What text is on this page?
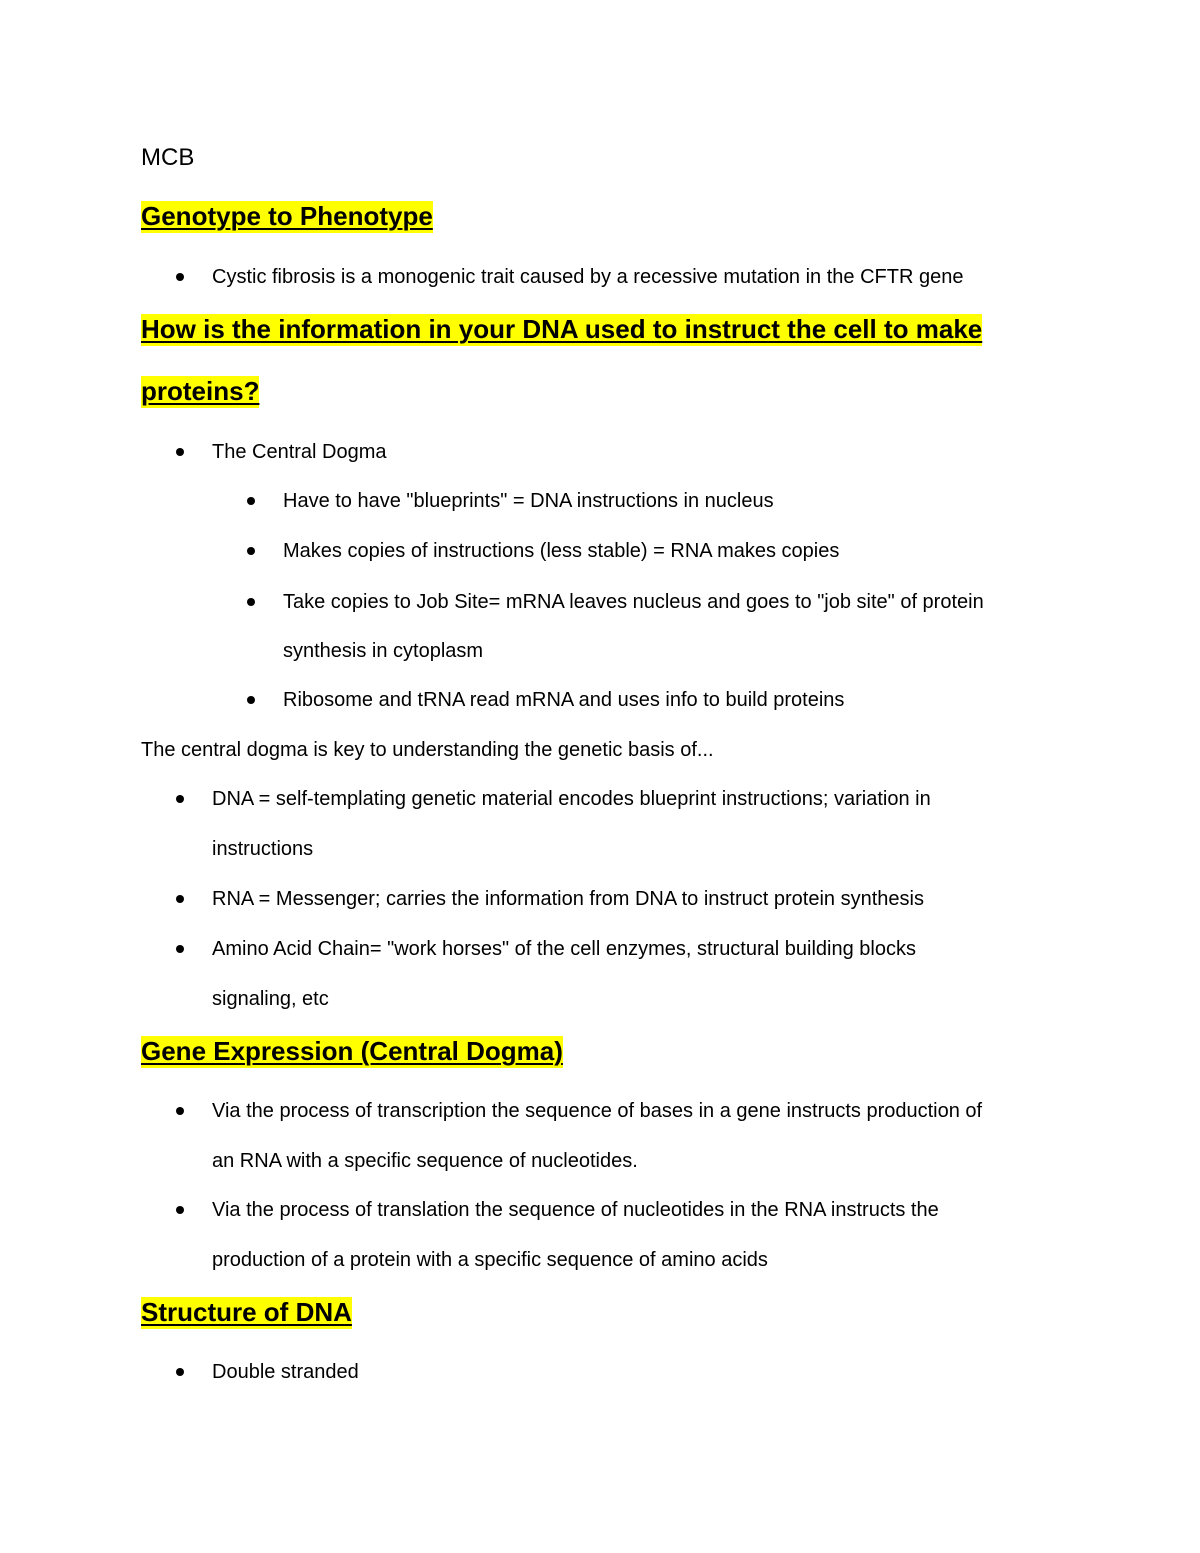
MCB
Genotype to Phenotype
Cystic fibrosis is a monogenic trait caused by a recessive mutation in the CFTR gene
How is the information in your DNA used to instruct the cell to make
proteins?
The Central Dogma
Have to have "blueprints" = DNA instructions in nucleus
Makes copies of instructions (less stable) = RNA makes copies
Take copies to Job Site= mRNA leaves nucleus and goes to "job site" of protein
synthesis in cytoplasm
Ribosome and tRNA read mRNA and uses info to build proteins
The central dogma is key to understanding the genetic basis of...
DNA = self-templating genetic material encodes blueprint instructions; variation in
instructions
RNA = Messenger; carries the information from DNA to instruct protein synthesis
Amino Acid Chain= "work horses" of the cell enzymes, structural building blocks
signaling, etc
Gene Expression (Central Dogma)
Via the process of transcription the sequence of bases in a gene instructs production of
an RNA with a specific sequence of nucleotides.
Via the process of translation the sequence of nucleotides in the RNA instructs the
production of a protein with a specific sequence of amino acids
Structure of DNA
Double stranded
